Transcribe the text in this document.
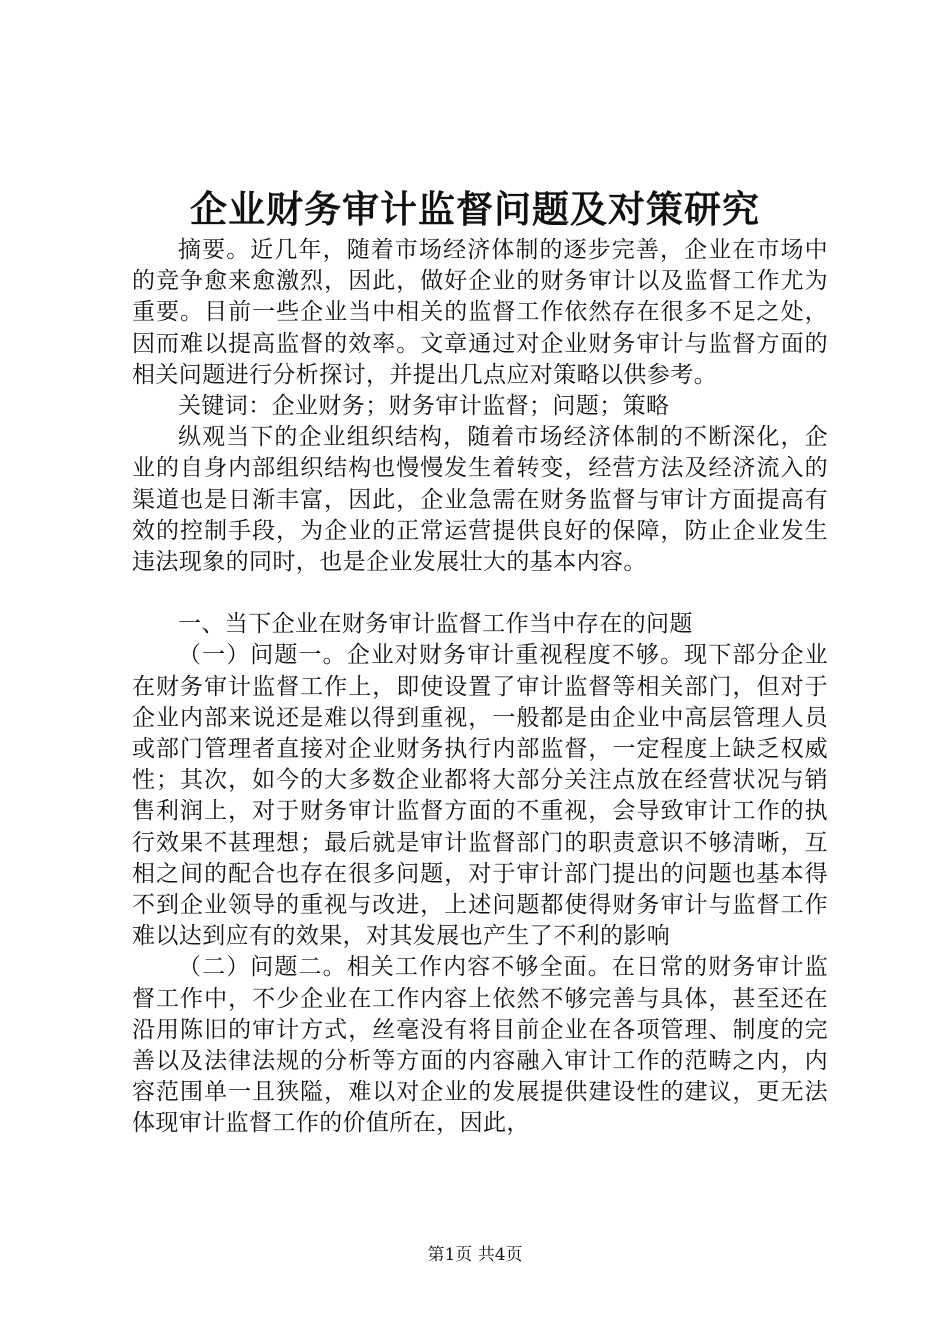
企业财务审计监督问题及对策研究

摘要。近几年，随着市场经济体制的逐步完善，企业在市场中的竞争愈来愈激烈，因此，做好企业的财务审计以及监督工作尤为重要。目前一些企业当中相关的监督工作依然存在很多不足之处，因而难以提高监督的效率。文章通过对企业财务审计与监督方面的相关问题进行分析探讨，并提出几点应对策略以供参考。

关键词：企业财务；财务审计监督；问题；策略

纵观当下的企业组织结构，随着市场经济体制的不断深化，企业的自身内部组织结构也慢慢发生着转变，经营方法及经济流入的渠道也是日渐丰富，因此，企业急需在财务监督与审计方面提高有效的控制手段，为企业的正常运营提供良好的保障，防止企业发生违法现象的同时，也是企业发展壮大的基本内容。

一、当下企业在财务审计监督工作当中存在的问题

（一）问题一。企业对财务审计重视程度不够。现下部分企业在财务审计监督工作上，即使设置了审计监督等相关部门，但对于企业内部来说还是难以得到重视，一般都是由企业中高层管理人员或部门管理者直接对企业财务执行内部监督，一定程度上缺乏权威性；其次，如今的大多数企业都将大部分关注点放在经营状况与销售利润上，对于财务审计监督方面的不重视，会导致审计工作的执行效果不甚理想；最后就是审计监督部门的职责意识不够清晰，互相之间的配合也存在很多问题，对于审计部门提出的问题也基本得不到企业领导的重视与改进，上述问题都使得财务审计与监督工作难以达到应有的效果，对其发展也产生了不利的影响

（二）问题二。相关工作内容不够全面。在日常的财务审计监督工作中，不少企业在工作内容上依然不够完善与具体，甚至还在沿用陈旧的审计方式，丝毫没有将目前企业在各项管理、制度的完善以及法律法规的分析等方面的内容融入审计工作的范畴之内，内容范围单一且狭隘，难以对企业的发展提供建设性的建议，更无法体现审计监督工作的价值所在，因此，

第1页 共4页
